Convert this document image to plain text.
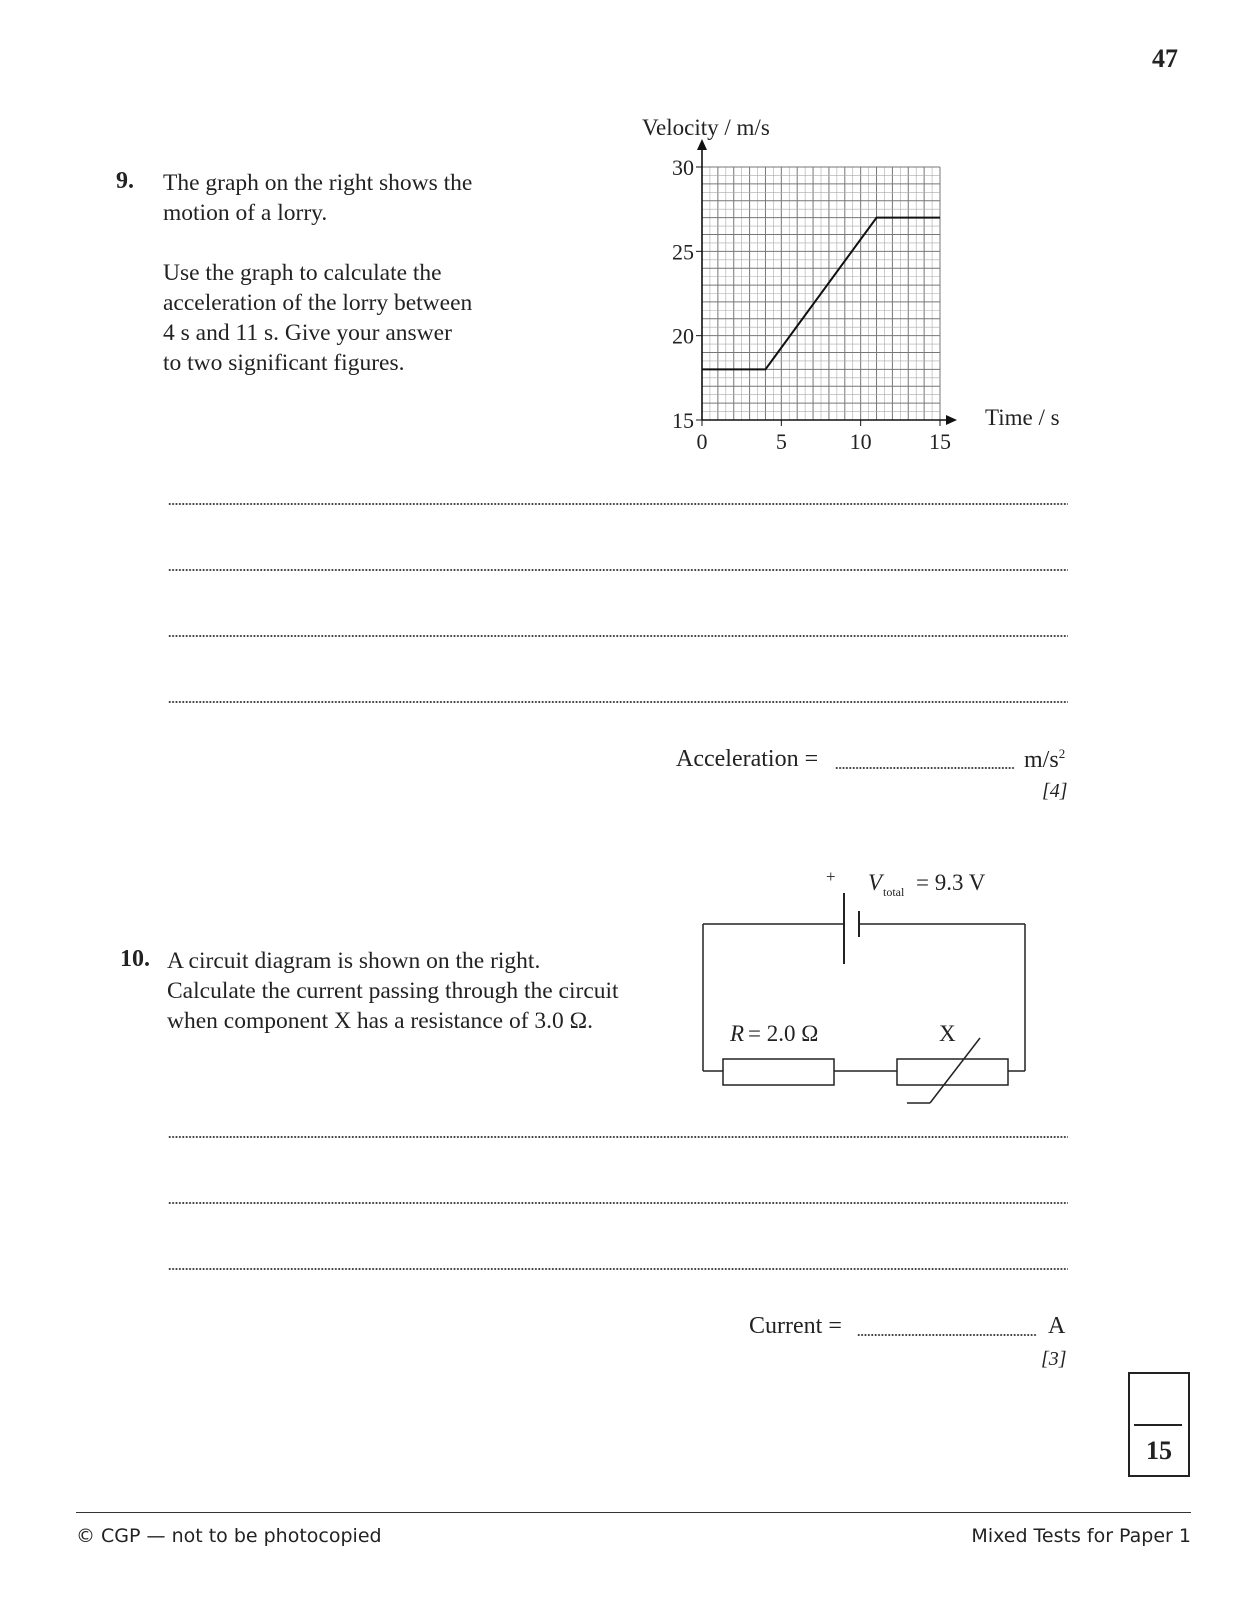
47
9. The graph on the right shows the
motion of a lorry.
Use the graph to calculate the
acceleration of the lorry between
4 s and 11 s. Give your answer
to two significant figures.
0	5	10	15
15
20
25
30
Velocity / m/s
Time / s
Acceleration =	$m/s^2$
[4]
10. A circuit diagram is shown on the right.
Calculate the current passing through the circuit
when component X has a resistance of 3.0 Ω.
+ V total = 9.3 V
R = 2.0 Ω	X
Current =	A
[3]
15
© CGP — not to be photocopied	Mixed Tests for Paper 1
